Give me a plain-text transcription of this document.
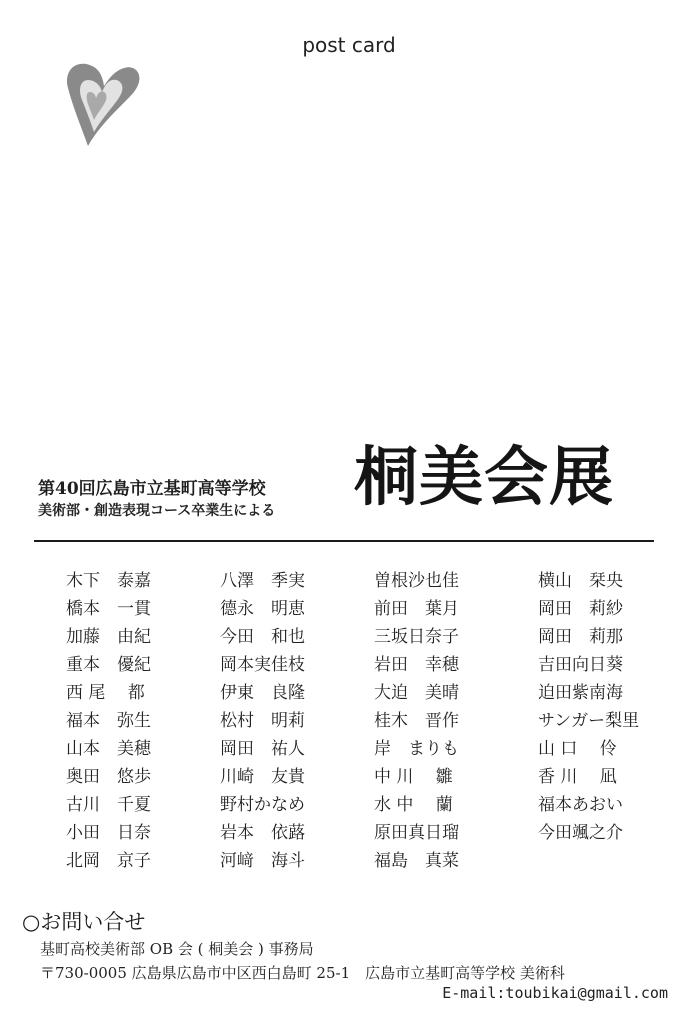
post card
第40回広島市立基町高等学校
美術部・創造表現コース卒業生による 桐美会展
木下　泰嘉
橋本　一貫
加藤　由紀
重本　優紀
西 尾 　都
福本　弥生
山本　美穂
奥田　悠歩
古川　千夏
小田　日奈
北岡　京子
八澤　季実
德永　明恵
今田　和也
岡本実佳枝
伊東　良隆
松村　明莉
岡田　祐人
川崎　友貴
野村かなめ
岩本　依蕗
河﨑　海斗
曽根沙也佳
前田　葉月
三坂日奈子
岩田　幸穂
大迫　美晴
桂木　晋作
岸　まりも
中 川　 雛
水 中　 蘭
原田真日瑠
福島　真菜
横山　栞央
岡田　莉紗
岡田　莉那
吉田向日葵
迫田紫南海
サンガー梨里
山 口　 伶
香 川　 凪
福本あおい
今田颯之介
○お問い合せ
基町高校美術部 OB 会 ( 桐美会 ) 事務局
〒730-0005 広島県広島市中区西白島町 25-1　広島市立基町高等学校 美術科
E-mail:toubikai@gmail.com
